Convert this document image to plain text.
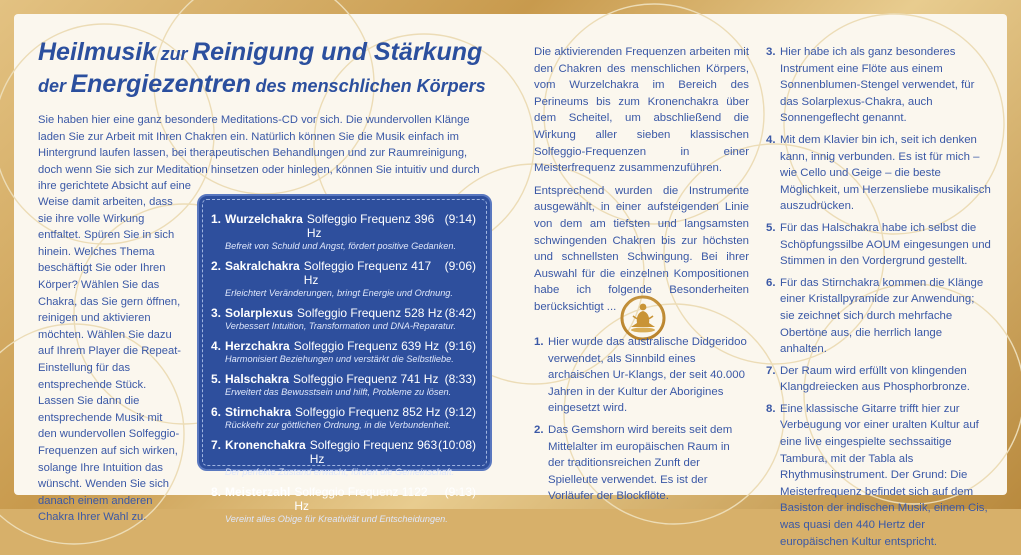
Heilmusik zur Reinigung und Stärkung
der Energiezentren des menschlichen Körpers
Sie haben hier eine ganz besondere Meditations-CD vor sich. Die wundervollen Klänge laden Sie zur Arbeit mit Ihren Chakren ein. Natürlich können Sie die Musik einfach im Hintergrund laufen lassen, bei therapeutischen Behandlungen und zur Raumreinigung, doch wenn Sie sich zur Meditation hinsetzen oder hinlegen, können Sie intuitiv und durch ihre gerichtete Absicht auf eine
Weise damit arbeiten, dass sie ihre volle Wirkung entfaltet. Spüren Sie in sich hinein. Welches Thema beschäftigt Sie oder Ihren Körper? Wählen Sie das Chakra, das Sie gern öffnen, reinigen und aktivieren möchten. Wählen Sie dazu auf Ihrem Player die Repeat-Einstellung für das entsprechende Stück. Lassen Sie dann die entsprechende Musik mit den wundervollen Solfeggio-Frequenzen auf sich wirken, solange Ihre Intuition das wünscht. Wenden Sie sich danach einem anderen Chakra Ihrer Wahl zu.
1. Wurzelchakra Solfeggio Frequenz 396 Hz
(9:14)
Befreit von Schuld und Angst, fördert positive Gedanken.
2. Sakralchakra Solfeggio Frequenz 417 Hz
(9:06)
Erleichtert Veränderungen, bringt Energie und Ordnung.
3. Solarplexus Solfeggio Frequenz 528 Hz (8:42)
Verbessert Intuition, Transformation und DNA-Reparatur.
4. Herzchakra Solfeggio Frequenz 639 Hz (9:16)
Harmonisiert Beziehungen und verstärkt die Selbstliebe.
5. Halschakra Solfeggio Frequenz 741 Hz (8:33)
Erweitert das Bewusstsein und hilft, Probleme zu lösen.
6. Stirnchakra Solfeggio Frequenz 852 Hz (9:12)
Rückkehr zur göttlichen Ordnung, in die Verbundenheit.
7. Kronenchakra Solfeggio Frequenz 963 Hz
(10:08)
Der perfekte Zustand erwacht, fördert die Gemeinschaft.
8. Meisterzahl Solfeggio Frequenz 1122 Hz
(9:13)
Vereint alles Obige für Kreativität und Entscheidungen.

Die aktivierenden Frequenzen arbeiten mit den Chakren des menschlichen Körpers, vom Wurzelchakra im Bereich des Perineums bis zum Kronenchakra über dem Scheitel, um abschließend die Wirkung aller sieben klassischen Solfeggio-Frequenzen in einer Meisterfrequenz zusammenzuführen.

Entsprechend wurden die Instrumente ausgewählt, in einer aufsteigenden Linie von dem am tiefsten und langsamsten schwingenden Chakren bis zur höchsten und schnellsten Schwingung. Bei ihrer Auswahl für die einzelnen Kompositionen habe ich folgende Besonderheiten berücksichtigt ...

1. Hier wurde das australische Didgeridoo verwendet, als Sinnbild eines archaischen Ur-Klangs, der seit 40.000 Jahren in der Kultur der Aborigines eingesetzt wird.
2. Das Gemshorn wird bereits seit dem Mittelalter im europäischen Raum in der traditionsreichen Zunft der Spielleute verwendet. Es ist der Vorläufer der Blockflöte.
3. Hier habe ich als ganz besonderes Instrument eine Flöte aus einem Sonnenblumen-Stengel verwendet, für das Solarplexus-Chakra, auch Sonnengeflecht genannt.
4. Mit dem Klavier bin ich, seit ich denken kann, innig verbunden. Es ist für mich – wie Cello und Geige – die beste Möglichkeit, um Herzensliebe musikalisch auszudrücken.
5. Für das Halschakra habe ich selbst die Schöpfungssilbe AOUM eingesungen und Stimmen in den Vordergrund gestellt.
6. Für das Stirnchakra kommen die Klänge einer Kristallpyramide zur Anwendung; sie zeichnet sich durch mehrfache Obertöne aus, die herrlich lange anhalten.
7. Der Raum wird erfüllt von klingenden Klangdreiecken aus Phosphorbronze.
8. Eine klassische Gitarre trifft hier zur Verbeugung vor einer uralten Kultur auf eine live eingespielte sechssaitige Tambura, mit der Tabla als Rhythmusinstrument. Der Grund: Die Meisterfrequenz befindet sich auf dem Basiston der indischen Musik, einem Cis, was quasi den 440 Hertz der europäischen Kultur entspricht.
